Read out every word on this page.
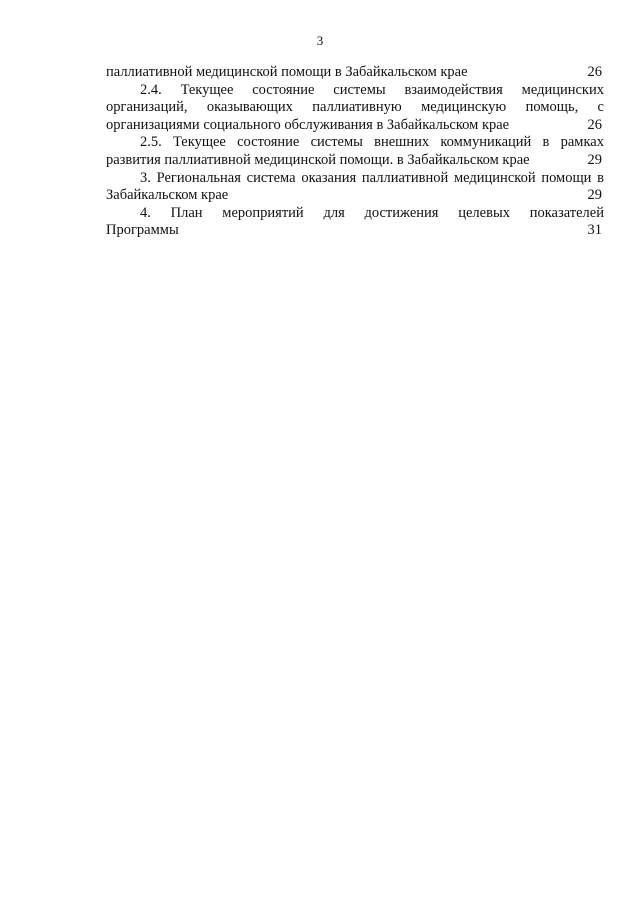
3
паллиативной медицинской помощи в Забайкальском крае	26
2.4. Текущее состояние системы взаимодействия медицинских
организаций, оказывающих паллиативную медицинскую помощь, с
организациями социального обслуживания в Забайкальском крае	26
2.5. Текущее состояние системы внешних коммуникаций в рамках
развития паллиативной медицинской помощи. в Забайкальском крае	29
3. Региональная система оказания паллиативной медицинской помощи в
Забайкальском крае	29
4. План мероприятий для достижения целевых показателей
Программы	31
